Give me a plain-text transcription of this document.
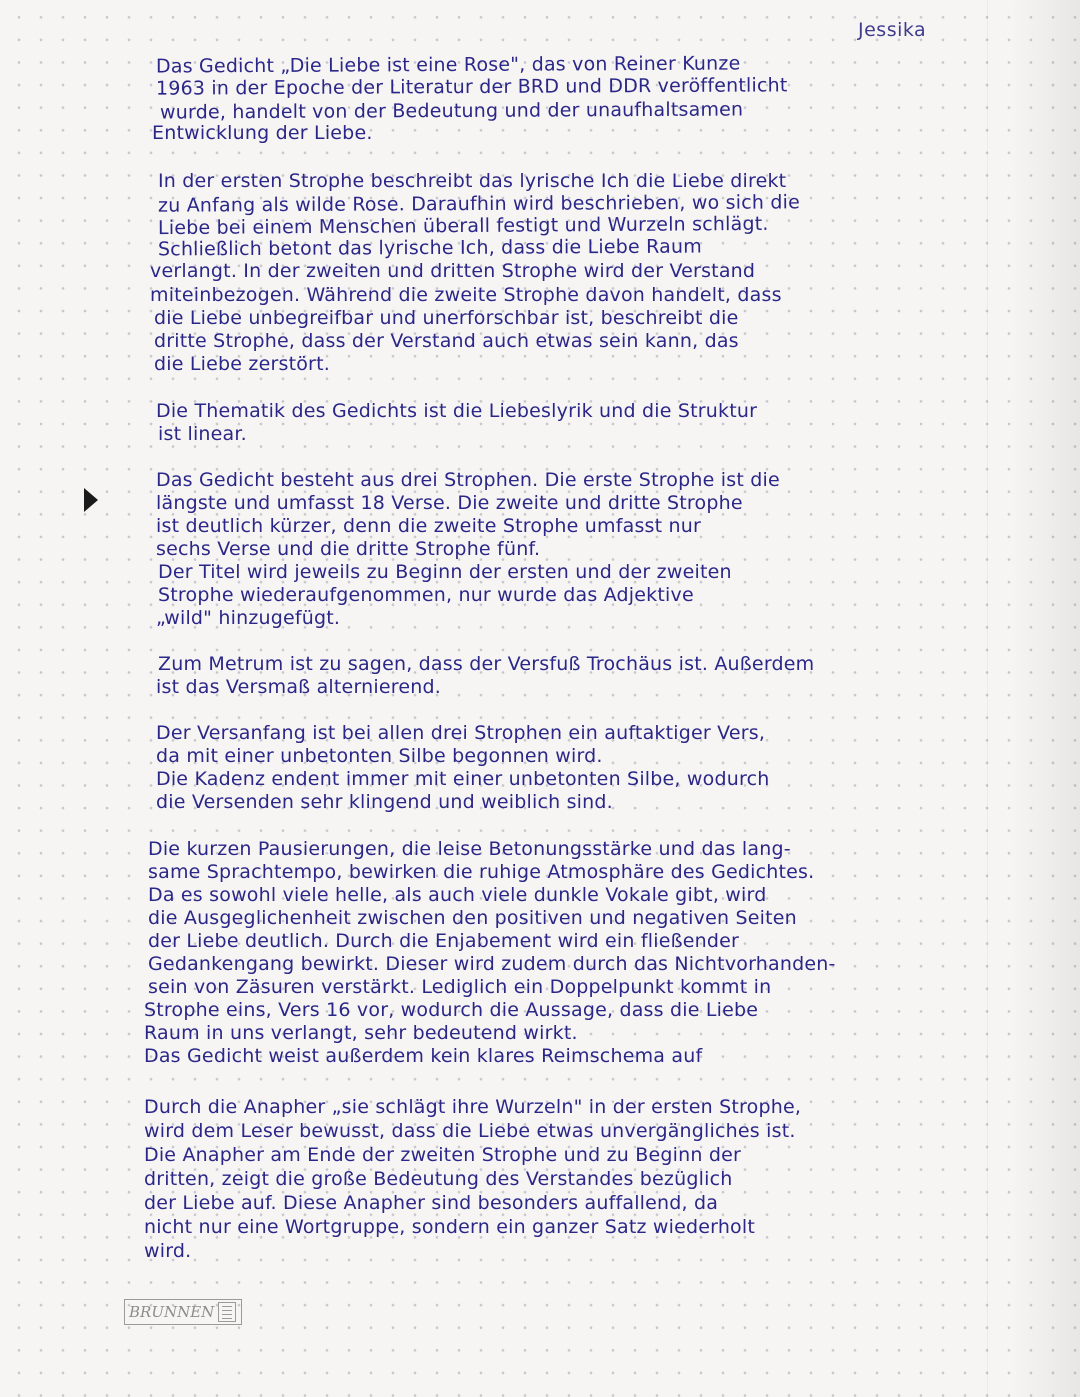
Jessika
Das Gedicht „Die Liebe ist eine Rose", das von Reiner Kunze
1963 in der Epoche der Literatur der BRD und DDR veröffentlicht
wurde, handelt von der Bedeutung und der unaufhaltsamen
Entwicklung der Liebe.
In der ersten Strophe beschreibt das lyrische Ich die Liebe direkt
zu Anfang als wilde Rose. Daraufhin wird beschrieben, wo sich die
Liebe bei einem Menschen überall festigt und Wurzeln schlägt.
Schließlich betont das lyrische Ich, dass die Liebe Raum
verlangt. In der zweiten und dritten Strophe wird der Verstand
miteinbezogen. Während die zweite Strophe davon handelt, dass
die Liebe unbegreifbar und unerforschbar ist, beschreibt die
dritte Strophe, dass der Verstand auch etwas sein kann, das
die Liebe zerstört.
Die Thematik des Gedichts ist die Liebeslyrik und die Struktur
ist linear.
Das Gedicht besteht aus drei Strophen. Die erste Strophe ist die
längste und umfasst 18 Verse. Die zweite und dritte Strophe
ist deutlich kürzer, denn die zweite Strophe umfasst nur
sechs Verse und die dritte Strophe fünf.
Der Titel wird jeweils zu Beginn der ersten und der zweiten
Strophe wiederaufgenommen, nur wurde das Adjektive
„wild" hinzugefügt.
Zum Metrum ist zu sagen, dass der Versfuß Trochäus ist. Außerdem
ist das Versmaß alternierend.
Der Versanfang ist bei allen drei Strophen ein auftaktiger Vers,
da mit einer unbetonten Silbe begonnen wird.
Die Kadenz endent immer mit einer unbetonten Silbe, wodurch
die Versenden sehr klingend und weiblich sind.
Die kurzen Pausierungen, die leise Betonungsstärke und das lang-
same Sprachtempo, bewirken die ruhige Atmosphäre des Gedichtes.
Da es sowohl viele helle, als auch viele dunkle Vokale gibt, wird
die Ausgeglichenheit zwischen den positiven und negativen Seiten
der Liebe deutlich. Durch die Enjabement wird ein fließender
Gedankengang bewirkt. Dieser wird zudem durch das Nichtvorhanden-
sein von Zäsuren verstärkt. Lediglich ein Doppelpunkt kommt in
Strophe eins, Vers 16 vor, wodurch die Aussage, dass die Liebe
Raum in uns verlangt, sehr bedeutend wirkt.
Das Gedicht weist außerdem kein klares Reimschema auf
Durch die Anapher „sie schlägt ihre Wurzeln" in der ersten Strophe,
wird dem Leser bewusst, dass die Liebe etwas unvergängliches ist.
Die Anapher am Ende der zweiten Strophe und zu Beginn der
dritten, zeigt die große Bedeutung des Verstandes bezüglich
der Liebe auf. Diese Anapher sind besonders auffallend, da
nicht nur eine Wortgruppe, sondern ein ganzer Satz wiederholt
wird.
BRUNNEN
